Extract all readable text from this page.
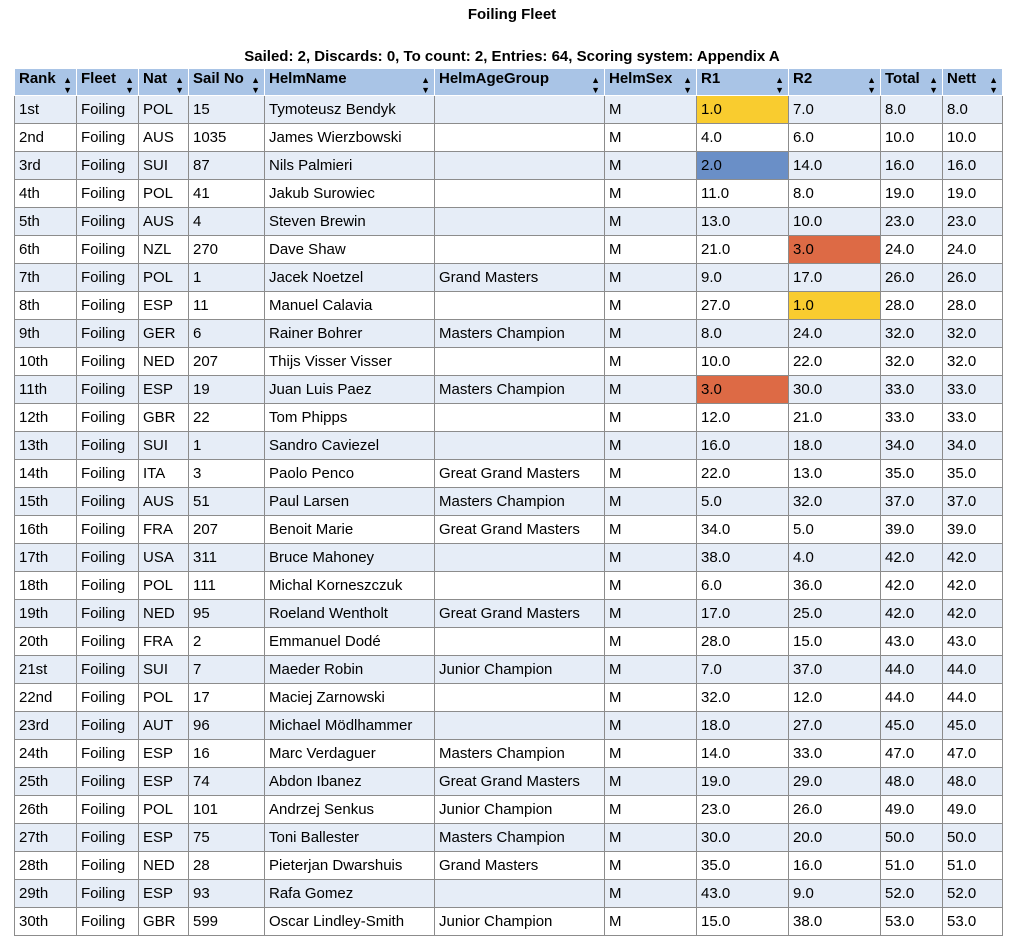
Foiling Fleet
Sailed: 2, Discards: 0, To count: 2, Entries: 64, Scoring system: Appendix A
Rank ▲
▼	Fleet ▲
▼	Nat ▲
▼	Sail No ▲
▼	HelmName ▲
▼	HelmAgeGroup ▲
▼	HelmSex ▲
▼	R1 ▲
▼	R2 ▲
▼	Total ▲
▼	Nett ▲
▼

1st	Foiling	POL	15	Tymoteusz Bendyk		M	1.0	7.0	8.0	8.0
2nd	Foiling	AUS	1035	James Wierzbowski		M	4.0	6.0	10.0	10.0
3rd	Foiling	SUI	87	Nils Palmieri		M	2.0	14.0	16.0	16.0
4th	Foiling	POL	41	Jakub Surowiec		M	11.0	8.0	19.0	19.0
5th	Foiling	AUS	4	Steven Brewin		M	13.0	10.0	23.0	23.0
6th	Foiling	NZL	270	Dave Shaw		M	21.0	3.0	24.0	24.0
7th	Foiling	POL	1	Jacek Noetzel	Grand Masters	M	9.0	17.0	26.0	26.0
8th	Foiling	ESP	11	Manuel Calavia		M	27.0	1.0	28.0	28.0
9th	Foiling	GER	6	Rainer Bohrer	Masters Champion	M	8.0	24.0	32.0	32.0
10th	Foiling	NED	207	Thijs Visser Visser		M	10.0	22.0	32.0	32.0
11th	Foiling	ESP	19	Juan Luis Paez	Masters Champion	M	3.0	30.0	33.0	33.0
12th	Foiling	GBR	22	Tom Phipps		M	12.0	21.0	33.0	33.0
13th	Foiling	SUI	1	Sandro Caviezel		M	16.0	18.0	34.0	34.0
14th	Foiling	ITA	3	Paolo Penco	Great Grand Masters	M	22.0	13.0	35.0	35.0
15th	Foiling	AUS	51	Paul Larsen	Masters Champion	M	5.0	32.0	37.0	37.0
16th	Foiling	FRA	207	Benoit Marie	Great Grand Masters	M	34.0	5.0	39.0	39.0
17th	Foiling	USA	311	Bruce Mahoney		M	38.0	4.0	42.0	42.0
18th	Foiling	POL	111	Michal Korneszczuk		M	6.0	36.0	42.0	42.0
19th	Foiling	NED	95	Roeland Wentholt	Great Grand Masters	M	17.0	25.0	42.0	42.0
20th	Foiling	FRA	2	Emmanuel Dodé		M	28.0	15.0	43.0	43.0
21st	Foiling	SUI	7	Maeder Robin	Junior Champion	M	7.0	37.0	44.0	44.0
22nd	Foiling	POL	17	Maciej Zarnowski		M	32.0	12.0	44.0	44.0
23rd	Foiling	AUT	96	Michael Mödlhammer		M	18.0	27.0	45.0	45.0
24th	Foiling	ESP	16	Marc Verdaguer	Masters Champion	M	14.0	33.0	47.0	47.0
25th	Foiling	ESP	74	Abdon Ibanez	Great Grand Masters	M	19.0	29.0	48.0	48.0
26th	Foiling	POL	101	Andrzej Senkus	Junior Champion	M	23.0	26.0	49.0	49.0
27th	Foiling	ESP	75	Toni Ballester	Masters Champion	M	30.0	20.0	50.0	50.0
28th	Foiling	NED	28	Pieterjan Dwarshuis	Grand Masters	M	35.0	16.0	51.0	51.0
29th	Foiling	ESP	93	Rafa Gomez		M	43.0	9.0	52.0	52.0
30th	Foiling	GBR	599	Oscar Lindley-Smith	Junior Champion	M	15.0	38.0	53.0	53.0
